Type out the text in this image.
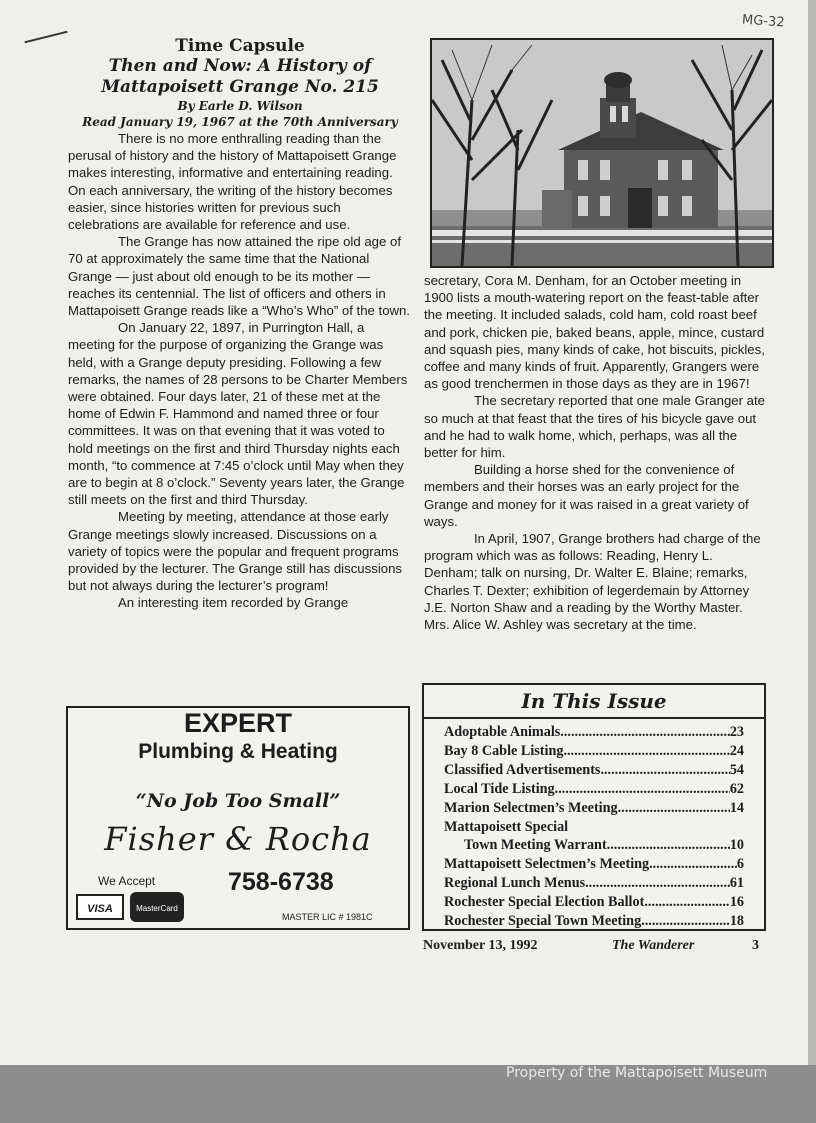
MG-32
Time Capsule
Then and Now: A History of
Mattapoisett Grange No. 215
By Earle D. Wilson
Read January 19, 1967 at the 70th Anniversary

There is no more enthralling reading than the perusal of history and the history of Mattapoisett Grange makes interesting, informative and entertaining reading. On each anniversary, the writing of the history becomes easier, since histories written for previous such celebrations are available for reference and use.

The Grange has now attained the ripe old age of 70 at approximately the same time that the National Grange — just about old enough to be its mother — reaches its centennial. The list of officers and others in Mattapoisett Grange reads like a “Who’s Who” of the town.

On January 22, 1897, in Purrington Hall, a meeting for the purpose of organizing the Grange was held, with a Grange deputy presiding. Following a few remarks, the names of 28 persons to be Charter Members were obtained. Four days later, 21 of these met at the home of Edwin F. Hammond and named three or four committees. It was on that evening that it was voted to hold meetings on the first and third Thursday nights each month, “to commence at 7:45 o’clock until May when they are to begin at 8 o’clock.” Seventy years later, the Grange still meets on the first and third Thursday.

Meeting by meeting, attendance at those early Grange meetings slowly increased. Discussions on a variety of topics were the popular and frequent programs provided by the lecturer. The Grange still has discussions but not always during the lecturer’s program!

An interesting item recorded by Grange

secretary, Cora M. Denham, for an October meeting in 1900 lists a mouth-watering report on the feast-table after the meeting. It included salads, cold ham, cold roast beef and pork, chicken pie, baked beans, apple, mince, custard and squash pies, many kinds of cake, hot biscuits, pickles, coffee and many kinds of fruit. Apparently, Grangers were as good trenchermen in those days as they are in 1967!

The secretary reported that one male Granger ate so much at that feast that the tires of his bicycle gave out and he had to walk home, which, perhaps, was all the better for him.

Building a horse shed for the convenience of members and their horses was an early project for the Grange and money for it was raised in a great variety of ways.

In April, 1907, Grange brothers had charge of the program which was as follows: Reading, Henry L. Denham; talk on nursing, Dr. Walter E. Blaine; remarks, Charles T. Dexter; exhibition of legerdemain by Attorney J.E. Norton Shaw and a reading by the Worthy Master. Mrs. Alice W. Ashley was secretary at the time.

EXPERT
Plumbing & Heating
“No Job Too Small”
Fisher & Rocha
We Accept	758-6738
VISA	MasterCard
MASTER LIC # 1981C
In This Issue
Adoptable Animals .....	23
Bay 8 Cable Listing .....	24
Classified Advertisements .....	54
Local Tide Listing .....	62
Marion Selectmen’s Meeting .....	14
Mattapoisett Special
Town Meeting Warrant .....	10
Mattapoisett Selectmen’s Meeting .....	6
Regional Lunch Menus .....	61
Rochester Special Election Ballot .....	16
Rochester Special Town Meeting .....	18
November 13, 1992	The Wanderer	3
Property of the Mattapoisett Museum
